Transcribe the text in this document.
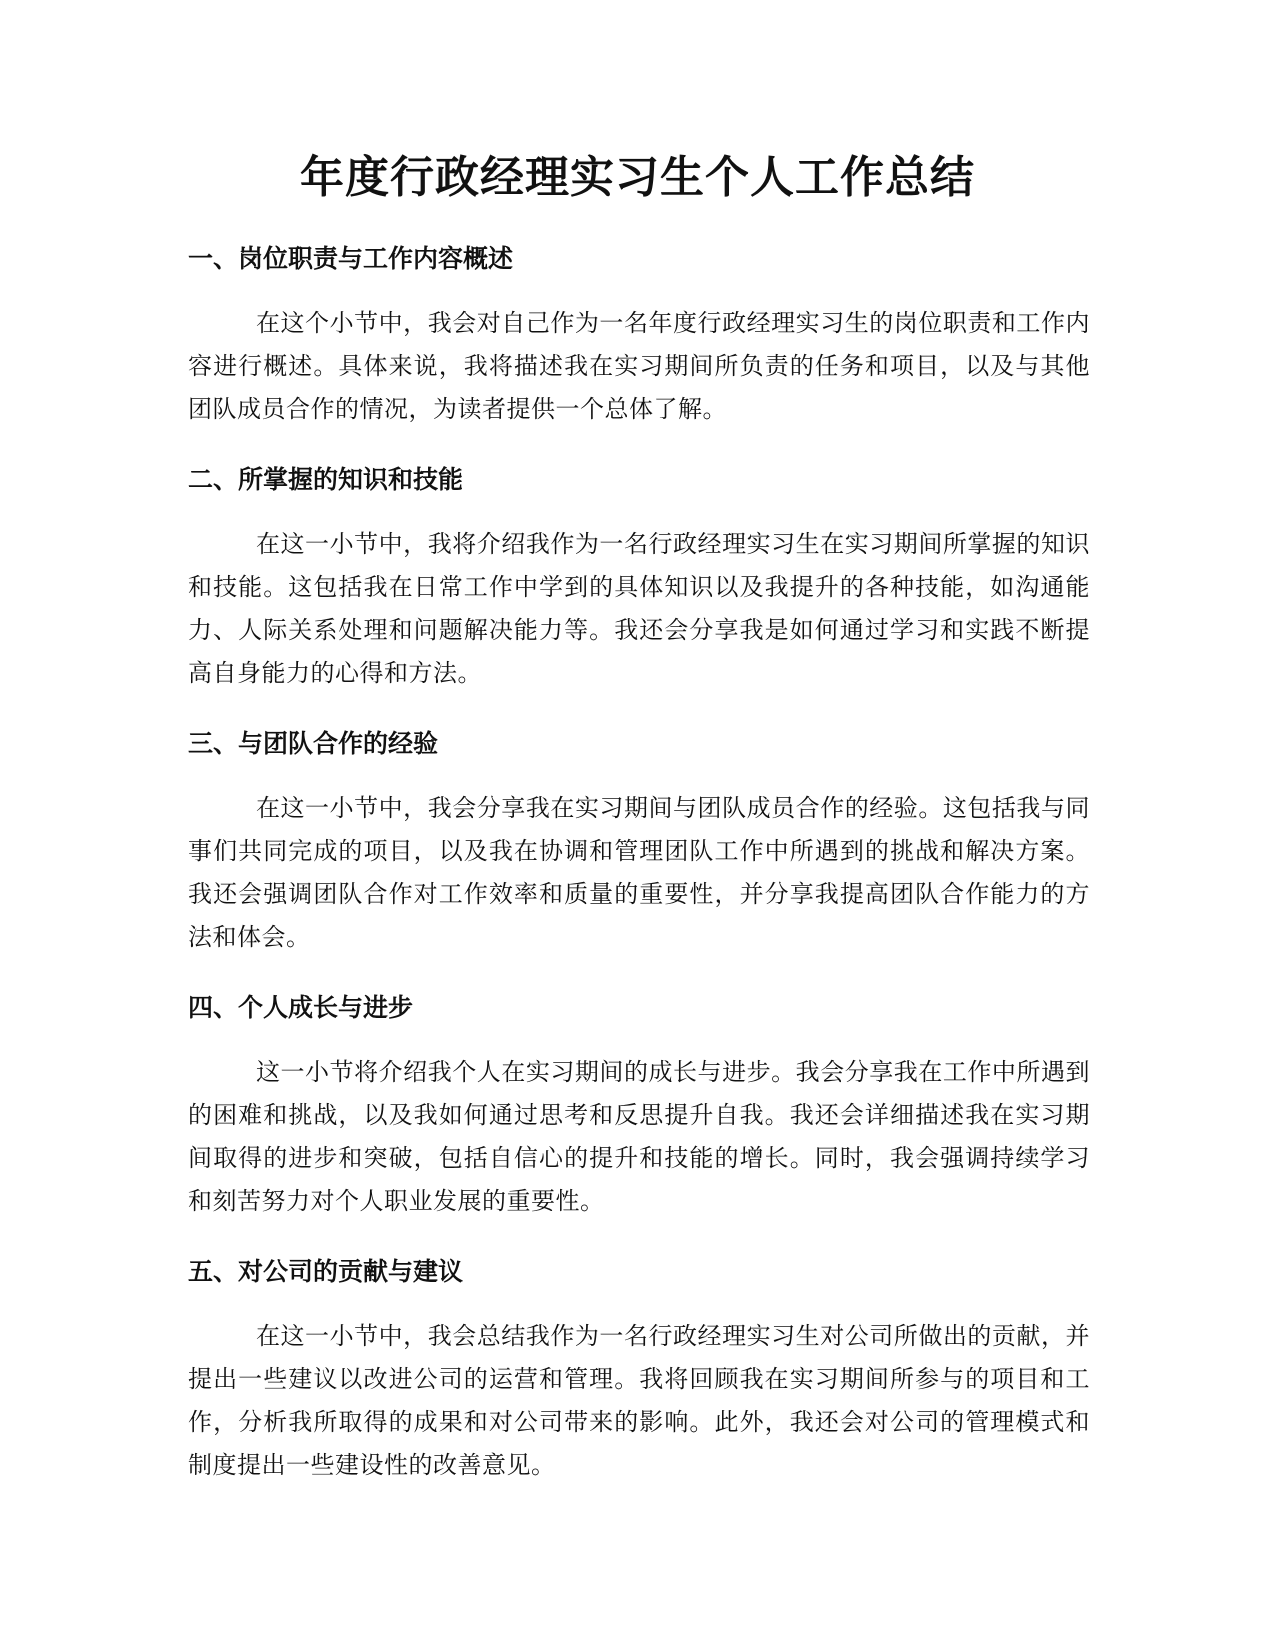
年度行政经理实习生个人工作总结
一、岗位职责与工作内容概述

在这个小节中，我会对自己作为一名年度行政经理实习生的岗位职责和工作内容进行概述。具体来说，我将描述我在实习期间所负责的任务和项目，以及与其他团队成员合作的情况，为读者提供一个总体了解。

二、所掌握的知识和技能

在这一小节中，我将介绍我作为一名行政经理实习生在实习期间所掌握的知识和技能。这包括我在日常工作中学到的具体知识以及我提升的各种技能，如沟通能力、人际关系处理和问题解决能力等。我还会分享我是如何通过学习和实践不断提高自身能力的心得和方法。

三、与团队合作的经验

在这一小节中，我会分享我在实习期间与团队成员合作的经验。这包括我与同事们共同完成的项目，以及我在协调和管理团队工作中所遇到的挑战和解决方案。我还会强调团队合作对工作效率和质量的重要性，并分享我提高团队合作能力的方法和体会。

四、个人成长与进步

这一小节将介绍我个人在实习期间的成长与进步。我会分享我在工作中所遇到的困难和挑战，以及我如何通过思考和反思提升自我。我还会详细描述我在实习期间取得的进步和突破，包括自信心的提升和技能的增长。同时，我会强调持续学习和刻苦努力对个人职业发展的重要性。

五、对公司的贡献与建议

在这一小节中，我会总结我作为一名行政经理实习生对公司所做出的贡献，并提出一些建议以改进公司的运营和管理。我将回顾我在实习期间所参与的项目和工作，分析我所取得的成果和对公司带来的影响。此外，我还会对公司的管理模式和制度提出一些建设性的改善意见。
